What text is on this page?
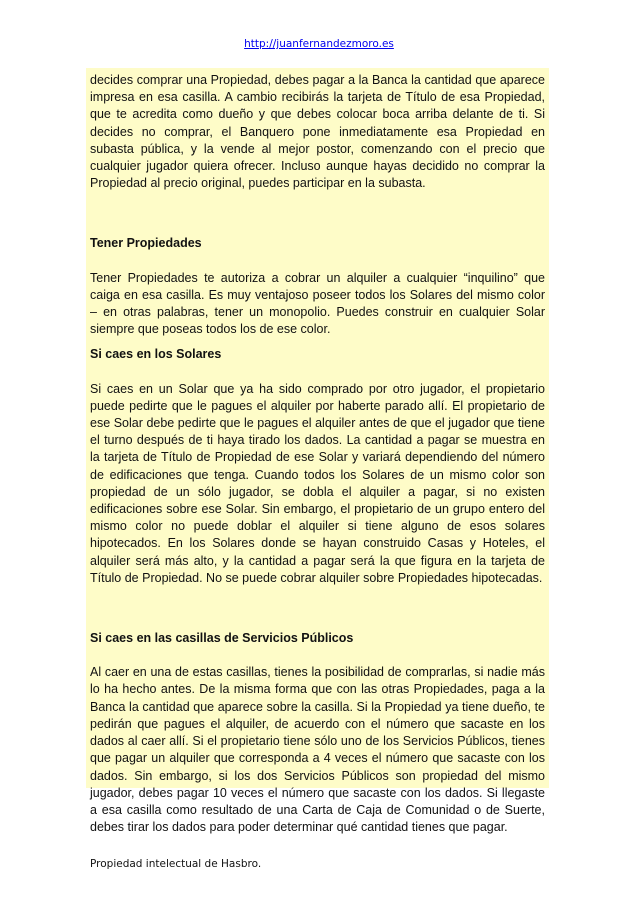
http://juanfernandezmoro.es

decides comprar una Propiedad, debes pagar a la Banca la cantidad que aparece impresa en esa casilla. A cambio recibirás la tarjeta de Título de esa Propiedad, que te acredita como dueño y que debes colocar boca arriba delante de ti. Si decides no comprar, el Banquero pone inmediatamente esa Propiedad en subasta pública, y la vende al mejor postor, comenzando con el precio que cualquier jugador quiera ofrecer. Incluso aunque hayas decidido no comprar la Propiedad al precio original, puedes participar en la subasta.

Tener Propiedades

Tener Propiedades te autoriza a cobrar un alquiler a cualquier “inquilino” que caiga en esa casilla. Es muy ventajoso poseer todos los Solares del mismo color – en otras palabras, tener un monopolio. Puedes construir en cualquier Solar siempre que poseas todos los de ese color.

Si caes en los Solares

Si caes en un Solar que ya ha sido comprado por otro jugador, el propietario puede pedirte que le pagues el alquiler por haberte parado allí. El propietario de ese Solar debe pedirte que le pagues el alquiler antes de que el jugador que tiene el turno después de ti haya tirado los dados. La cantidad a pagar se muestra en la tarjeta de Título de Propiedad de ese Solar y variará dependiendo del número de edificaciones que tenga. Cuando todos los Solares de un mismo color son propiedad de un sólo jugador, se dobla el alquiler a pagar, si no existen edificaciones sobre ese Solar. Sin embargo, el propietario de un grupo entero del mismo color no puede doblar el alquiler si tiene alguno de esos solares hipotecados. En los Solares donde se hayan construido Casas y Hoteles, el alquiler será más alto, y la cantidad a pagar será la que figura en la tarjeta de Título de Propiedad. No se puede cobrar alquiler sobre Propiedades hipotecadas.

Si caes en las casillas de Servicios Públicos

Al caer en una de estas casillas, tienes la posibilidad de comprarlas, si nadie más lo ha hecho antes. De la misma forma que con las otras Propiedades, paga a la Banca la cantidad que aparece sobre la casilla. Si la Propiedad ya tiene dueño, te pedirán que pagues el alquiler, de acuerdo con el número que sacaste en los dados al caer allí. Si el propietario tiene sólo uno de los Servicios Públicos, tienes que pagar un alquiler que corresponda a 4 veces el número que sacaste con los dados. Sin embargo, si los dos Servicios Públicos son propiedad del mismo jugador, debes pagar 10 veces el número que sacaste con los dados. Si llegaste a esa casilla como resultado de una Carta de Caja de Comunidad o de Suerte, debes tirar los dados para poder determinar qué cantidad tienes que pagar.

Propiedad intelectual de Hasbro.
